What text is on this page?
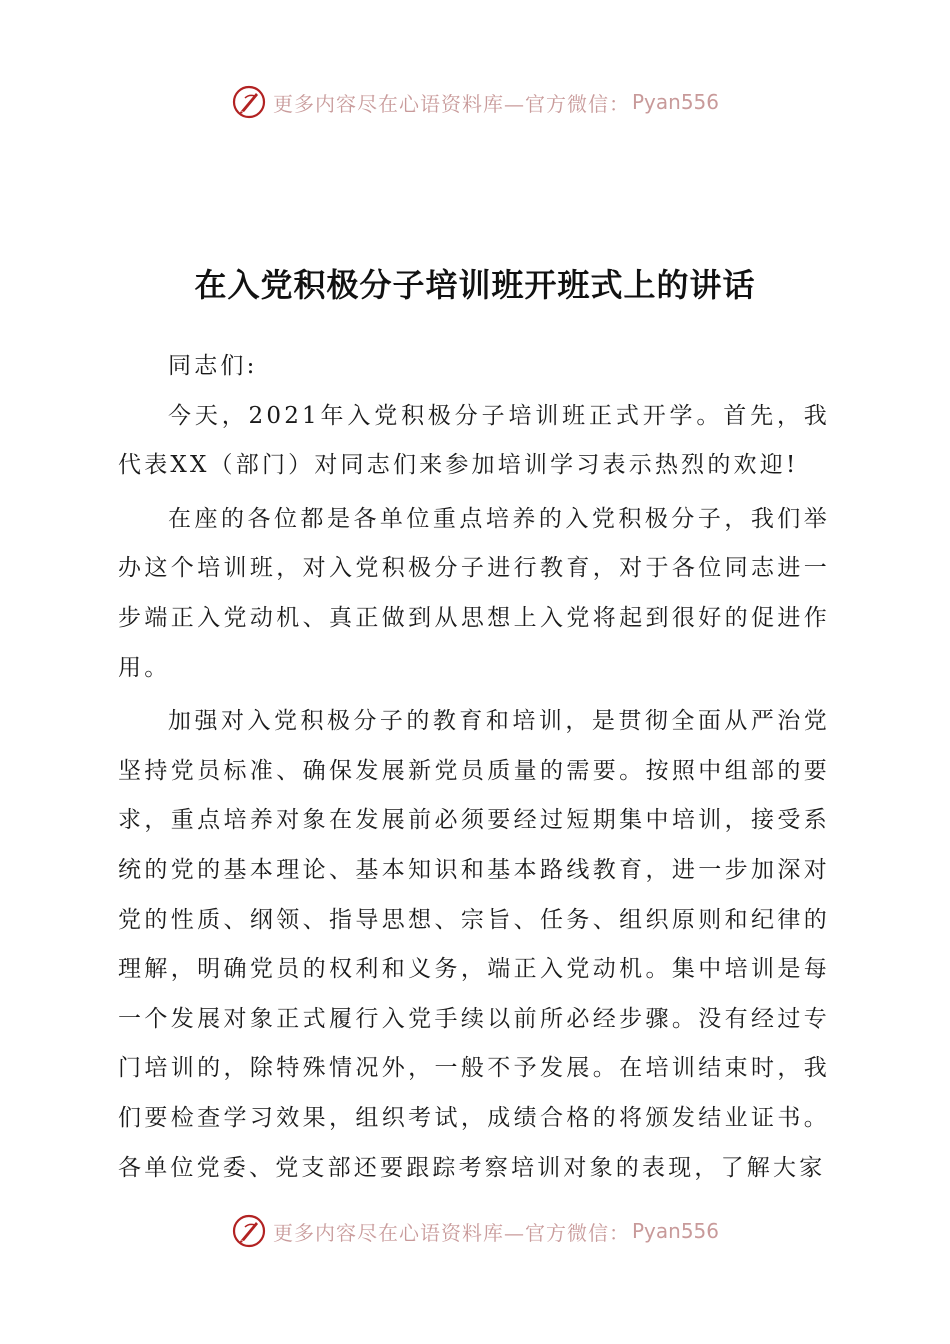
更多内容尽在心语资料库—官方微信： Pyan556
在入党积极分子培训班开班式上的讲话

同志们:

今天，2021年入党积极分子培训班正式开学。首先，我代表XX（部门）对同志们来参加培训学习表示热烈的欢迎!

在座的各位都是各单位重点培养的入党积极分子，我们举办这个培训班，对入党积极分子进行教育，对于各位同志进一步端正入党动机、真正做到从思想上入党将起到很好的促进作用。

加强对入党积极分子的教育和培训，是贯彻全面从严治党坚持党员标准、确保发展新党员质量的需要。按照中组部的要求，重点培养对象在发展前必须要经过短期集中培训，接受系统的党的基本理论、基本知识和基本路线教育，进一步加深对党的性质、纲领、指导思想、宗旨、任务、组织原则和纪律的理解，明确党员的权利和义务，端正入党动机。集中培训是每一个发展对象正式履行入党手续以前所必经步骤。没有经过专门培训的，除特殊情况外，一般不予发展。在培训结束时，我们要检查学习效果，组织考试，成绩合格的将颁发结业证书。各单位党委、党支部还要跟踪考察培训对象的表现，了解大家

更多内容尽在心语资料库—官方微信： Pyan556
